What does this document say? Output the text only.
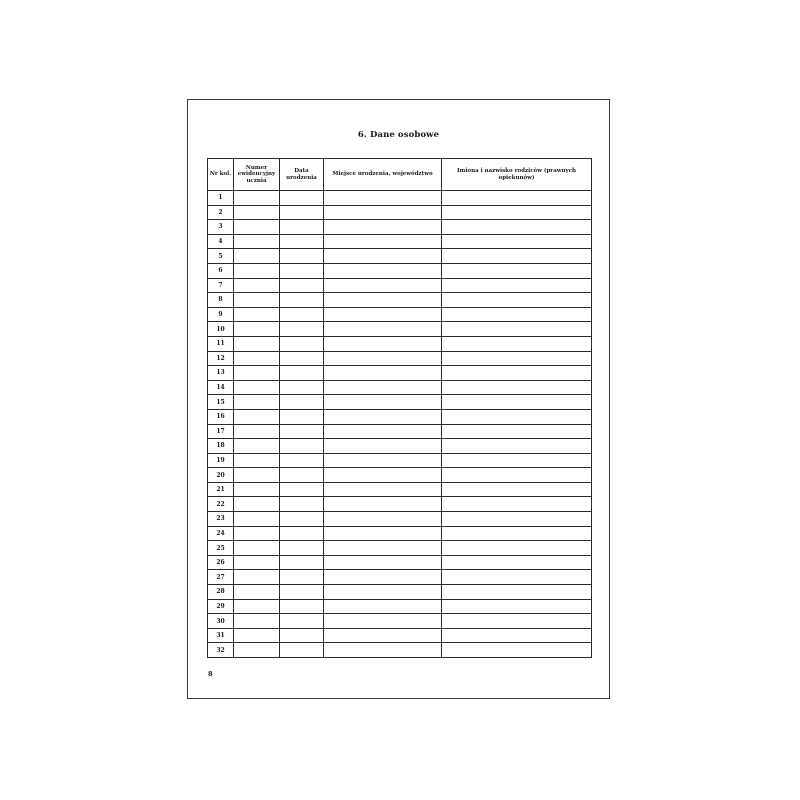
6. Dane osobowe
Nr kol.	Numer ewidencyjny ucznia	Data urodzenia	Miejsce urodzenia, województwo	Imiona i nazwisko rodziców (prawnych opiekunów)
1				
2				
3				
4				
5				
6				
7				
8				
9				
10				
11				
12				
13				
14				
15				
16				
17				
18				
19				
20				
21				
22				
23				
24				
25				
26				
27				
28				
29				
30				
31				
32				
8
